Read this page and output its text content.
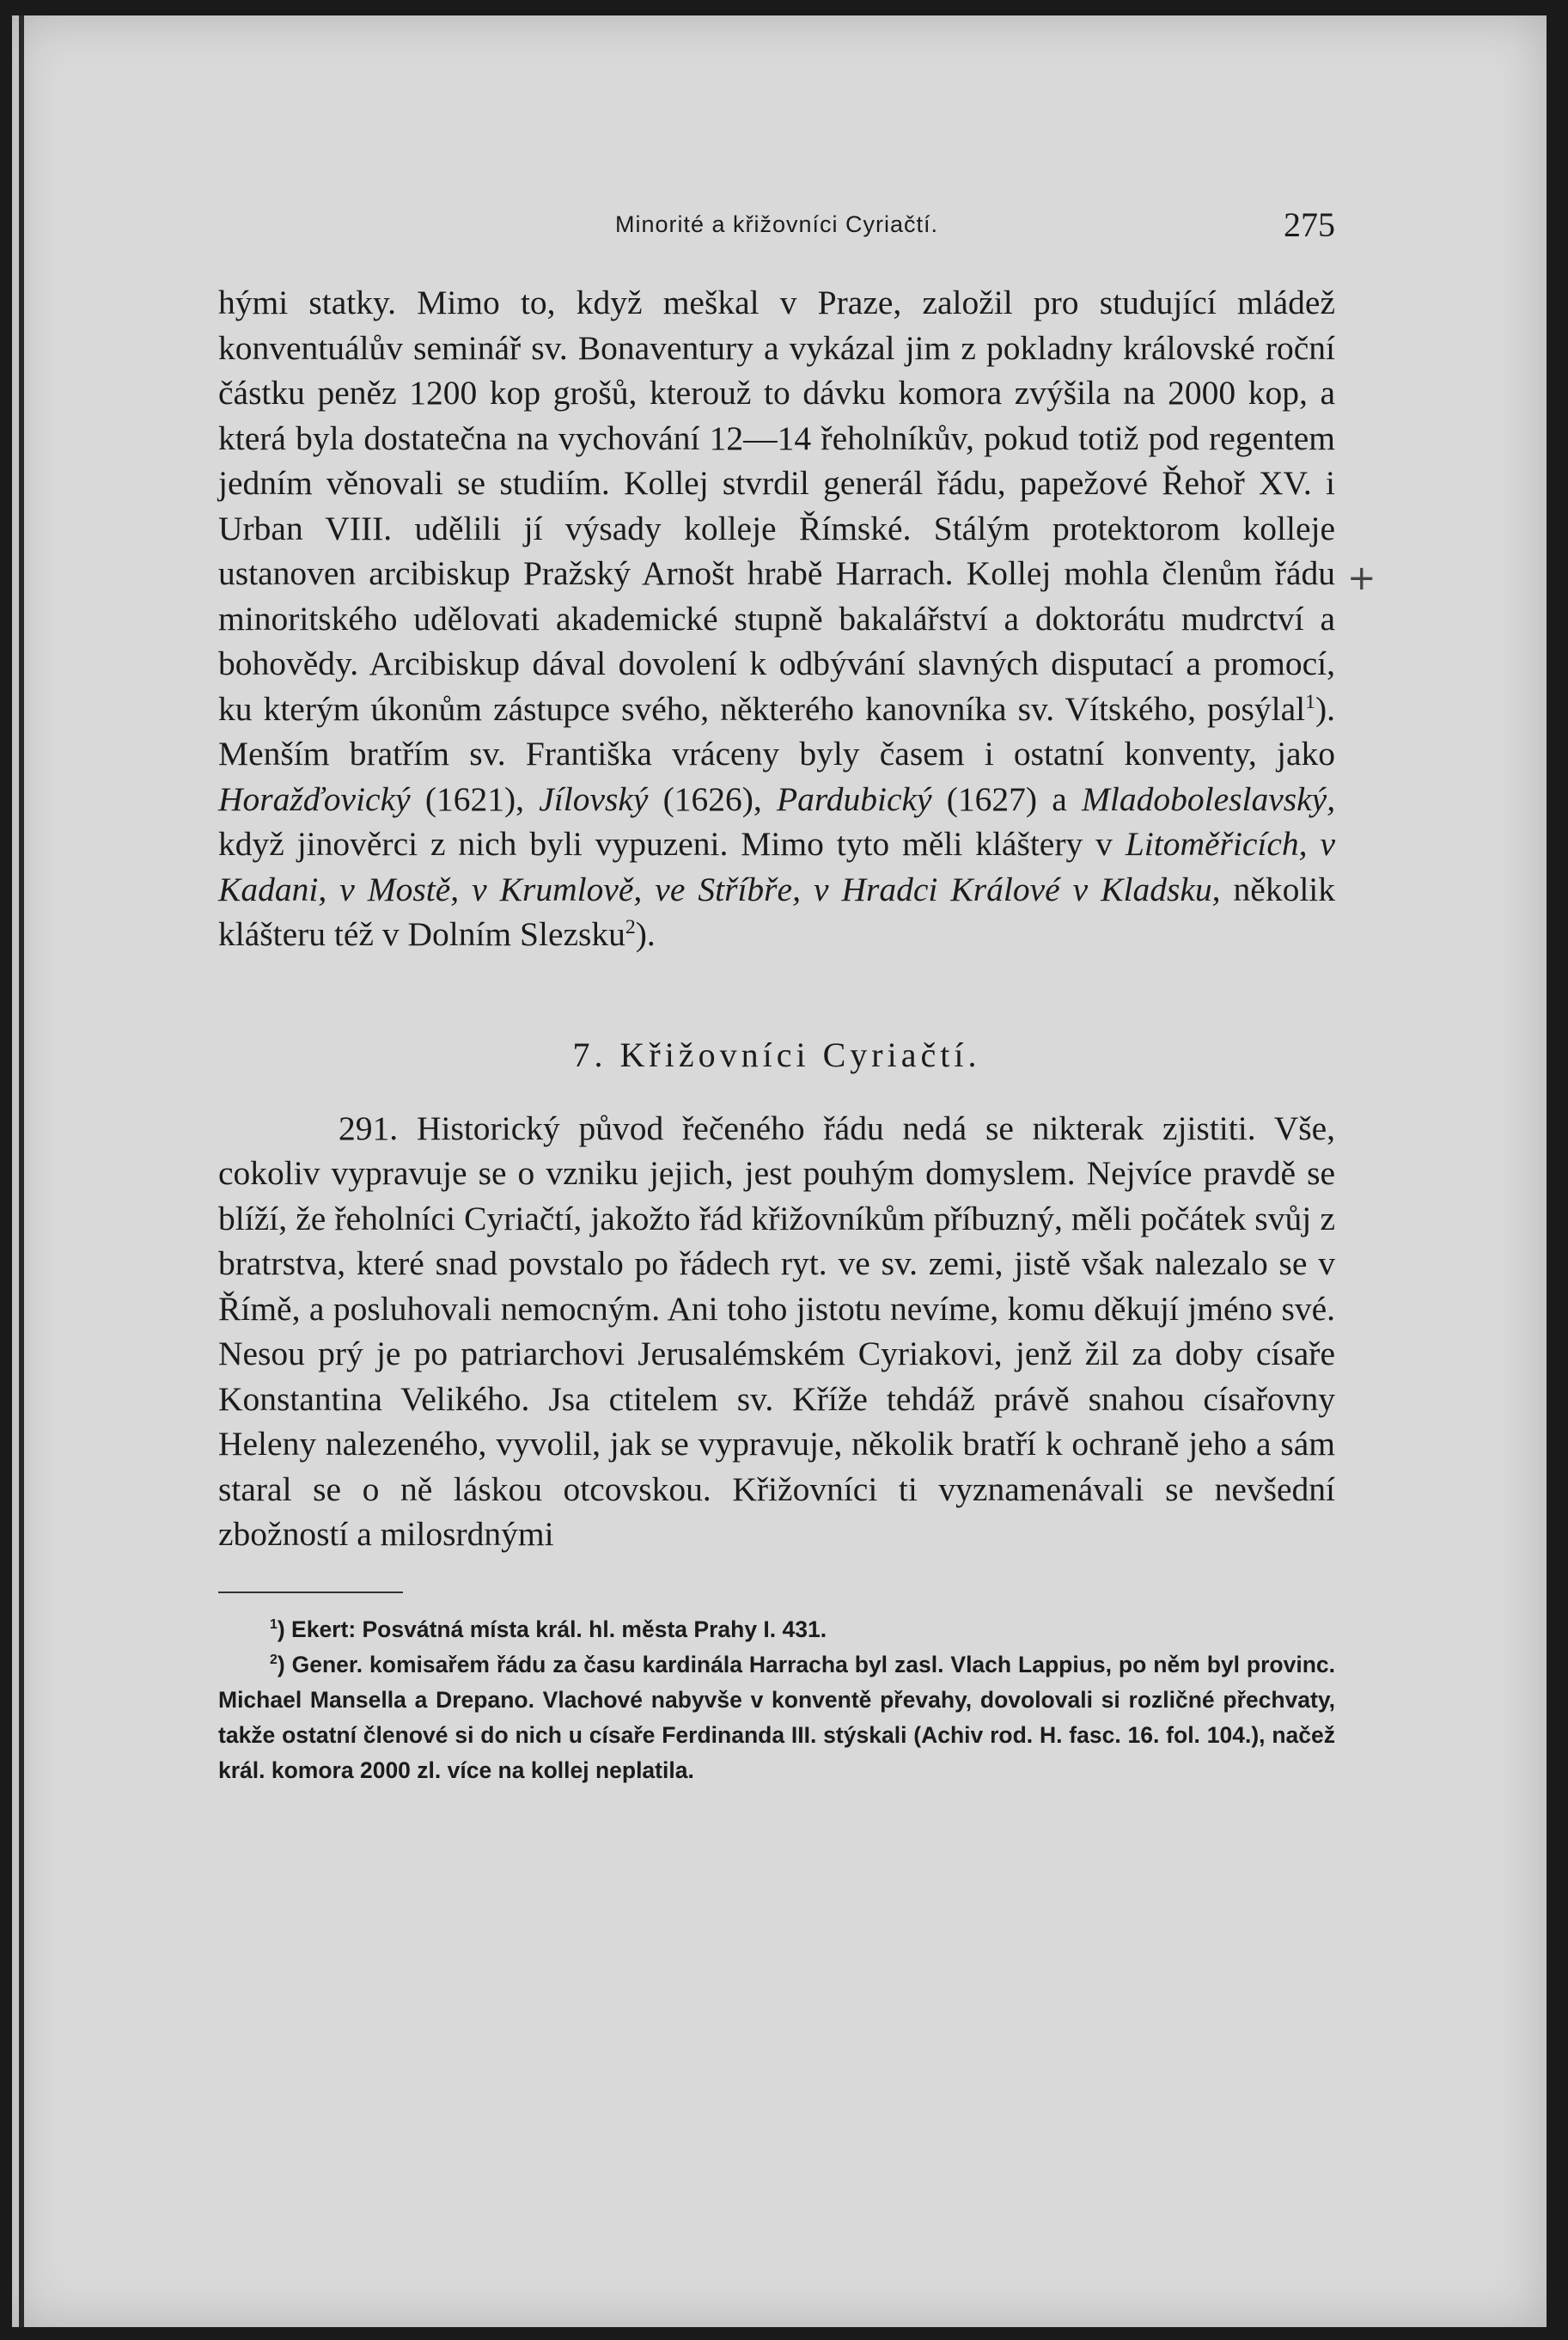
+
Minorité a křižovníci Cyriačtí.	275

hými statky. Mimo to, když meškal v Praze, založil pro studující mládež konventuálův seminář sv. Bonaventury a vykázal jim z pokladny královské roční částku peněz 1200 kop grošů, kterouž to dávku komora zvýšila na 2000 kop, a která byla dostatečna na vychování 12—14 řeholníkův, pokud totiž pod regentem jedním věnovali se studiím. Kollej stvrdil generál řádu, papežové Řehoř XV. i Urban VIII. udělili jí výsady kolleje Římské. Stálým protektorom kolleje ustanoven arcibiskup Pražský Arnošt hrabě Harrach. Kollej mohla členům řádu minoritského udělovati akademické stupně bakalářství a doktorátu mudrctví a bohovědy. Arcibiskup dával dovolení k odbývání slavných disputací a promocí, ku kterým úkonům zástupce svého, některého kanovníka sv. Vítského, posýlal$^1$). Menším bratřím sv. Františka vráceny byly časem i ostatní konventy, jako Horažďovický (1621), Jílovský (1626), Pardubický (1627) a Mladoboleslavský, když jinověrci z nich byli vypuzeni. Mimo tyto měli kláštery v Litoměřicích, v Kadani, v Mostě, v Krumlově, ve Stříbře, v Hradci Králové v Kladsku, několik klášteru též v Dolním Slezsku$^2$).

7. Křižovníci Cyriačtí.

291. Historický původ řečeného řádu nedá se nikterak zjistiti. Vše, cokoliv vypravuje se o vzniku jejich, jest pouhým domyslem. Nejvíce pravdě se blíží, že řeholníci Cyriačtí, jakožto řád křižovníkům příbuzný, měli počátek svůj z bratrstva, které snad povstalo po řádech ryt. ve sv. zemi, jistě však nalezalo se v Římě, a posluhovali nemocným. Ani toho jistotu nevíme, komu děkují jméno své. Nesou prý je po patriarchovi Jerusalémském Cyriakovi, jenž žil za doby císaře Konstantina Velikého. Jsa ctitelem sv. Kříže tehdáž právě snahou císařovny Heleny nalezeného, vyvolil, jak se vypravuje, několik bratří k ochraně jeho a sám staral se o ně láskou otcovskou. Křižovníci ti vyznamenávali se nevšední zbožností a milosrdnými

$^1$) Ekert: Posvátná místa král. hl. města Prahy I. 431.

$^2$) Gener. komisařem řádu za času kardinála Harracha byl zasl. Vlach Lappius, po něm byl provinc. Michael Mansella a Drepano. Vlachové nabyvše v konventě převahy, dovolovali si rozličné přechvaty, takže ostatní členové si do nich u císaře Ferdinanda III. stýskali (Achiv rod. H. fasc. 16. fol. 104.), načež král. komora 2000 zl. více na kollej neplatila.
